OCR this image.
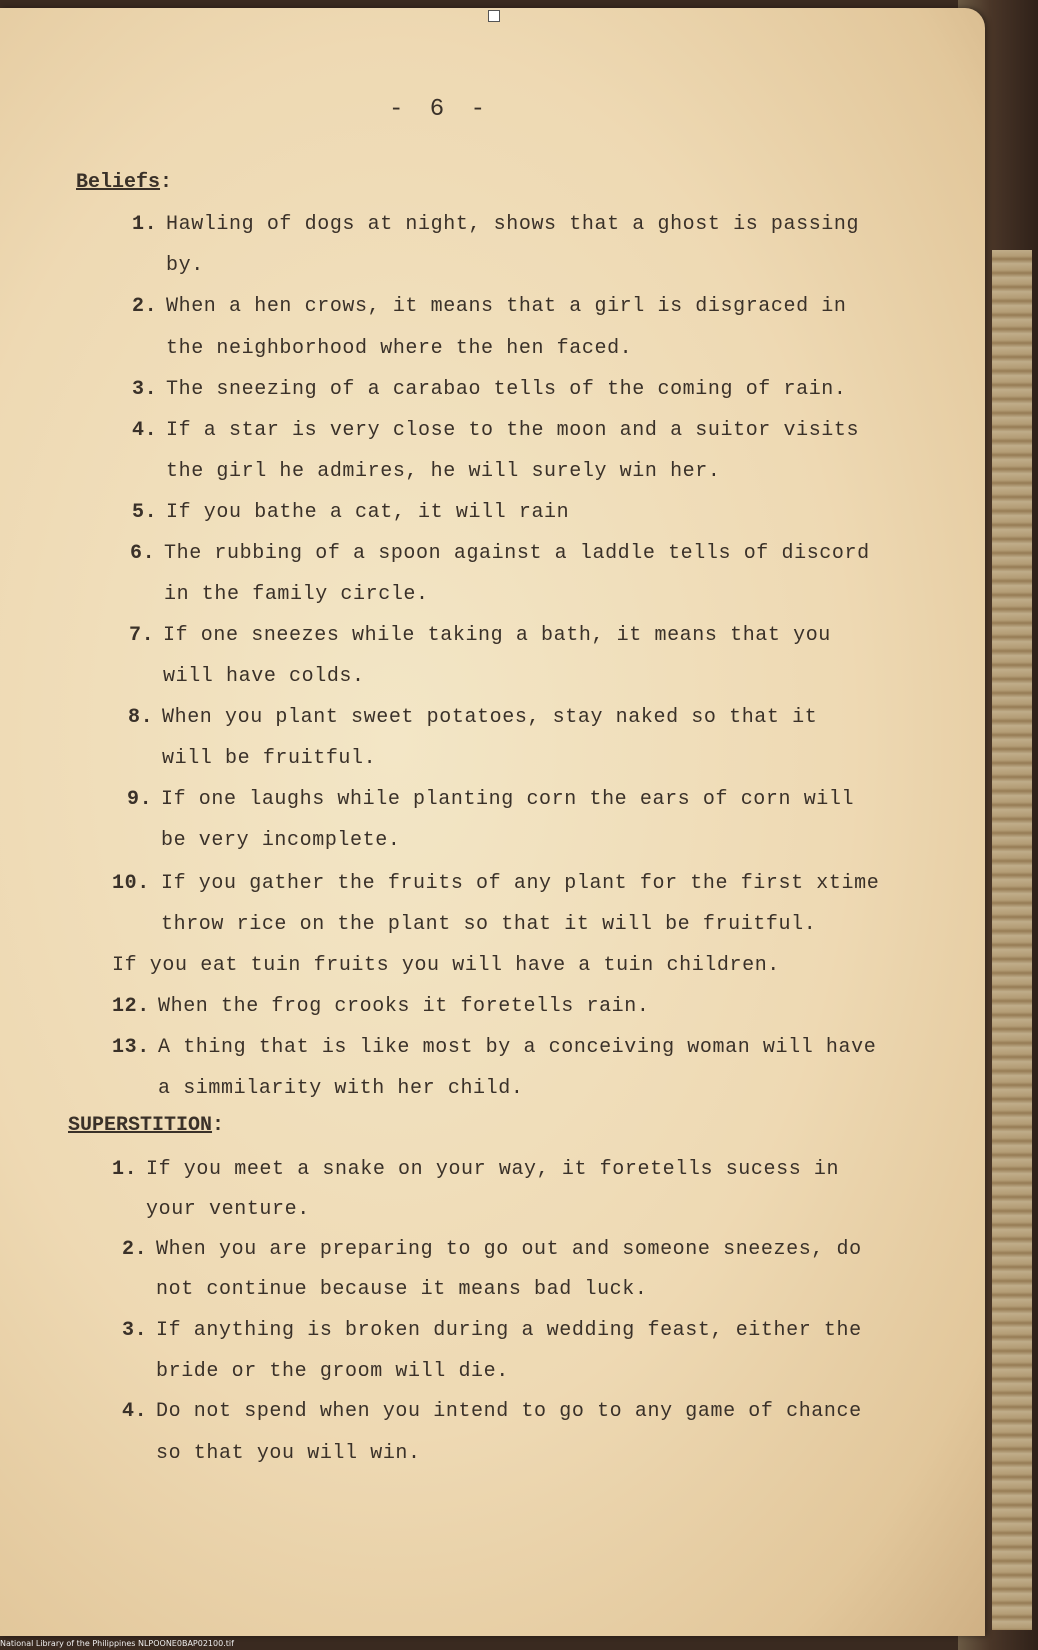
- 6 -
Beliefs:
1. Hawling of dogs at night, shows that a ghost is passing
by.
2. When a hen crows, it means that a girl is disgraced in
the neighborhood where the hen faced.
3. The sneezing of a carabao tells of the coming of rain.
4. If a star is very close to the moon and a suitor visits
the girl he admires, he will surely win her.
5. If you bathe a cat, it will rain
6. The rubbing of a spoon against a laddle tells of discord
in the family circle.
7. If one sneezes while taking a bath, it means that you
will have colds.
8. When you plant sweet potatoes, stay naked so that it
will be fruitful.
9. If one laughs while planting corn the ears of corn will
be very incomplete.
10. If you gather the fruits of any plant for the first xtime
throw rice on the plant so that it will be fruitful.
If you eat tuin fruits you will have a tuin children.
12. When the frog crooks it foretells rain.
13. A thing that is like most by a conceiving woman will have
a simmilarity with her child.
SUPERSTITION:
1. If you meet a snake on your way, it foretells sucess in
your venture.
2. When you are preparing to go out and someone sneezes, do
not continue because it means bad luck.
3. If anything is broken during a wedding feast, either the
bride or the groom will die.
4. Do not spend when you intend to go to any game of chance
so that you will win.
National Library of the Philippines NLPOONE0BAP02100.tif
